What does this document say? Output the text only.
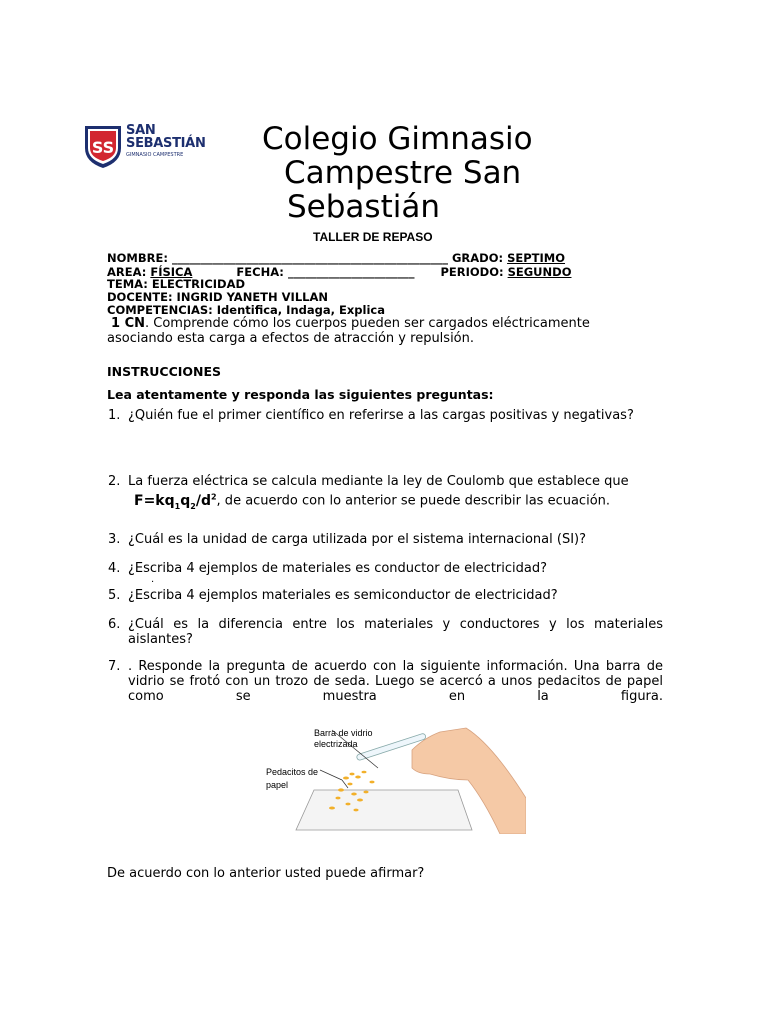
SS
SAN
SEBASTIÁN
GIMNASIO CAMPESTRE	Colegio Gimnasio
Campestre San
Sebastián
TALLER DE REPASO
NOMBRE: ________________________________________________ GRADO: SEPTIMO
AREA: FÍSICA	FECHA: ______________________ PERIODO: SEGUNDO
TEMA: ELECTRICIDAD
DOCENTE: INGRID YANETH VILLAN
COMPETENCIAS: Identifica, Indaga, Explica
1 CN. Comprende cómo los cuerpos pueden ser cargados eléctricamente asociando esta carga a efectos de atracción y repulsión.
INSTRUCCIONES
Lea atentamente y responda las siguientes preguntas:
1. ¿Quién fue el primer científico en referirse a las cargas positivas y negativas?
2. La fuerza eléctrica se calcula mediante la ley de Coulomb que establece que $F=kq_1q_2/d^2$, de acuerdo con lo anterior se puede describir las ecuación.
3. ¿Cuál es la unidad de carga utilizada por el sistema internacional (SI)?
4. ¿Escriba 4 ejemplos de materiales es conductor de electricidad?
.
5. ¿Escriba 4 ejemplos materiales es semiconductor de electricidad?
6. ¿Cuál es la diferencia entre los materiales y conductores y los materiales aislantes?
7. . Responde la pregunta de acuerdo con la siguiente información. Una barra de vidrio se frotó con un trozo de seda. Luego se acercó a unos pedacitos de papel como se muestra en la figura.
Barra de vidrio
electrizada
Pedacitos de
papel
De acuerdo con lo anterior usted puede afirmar?
